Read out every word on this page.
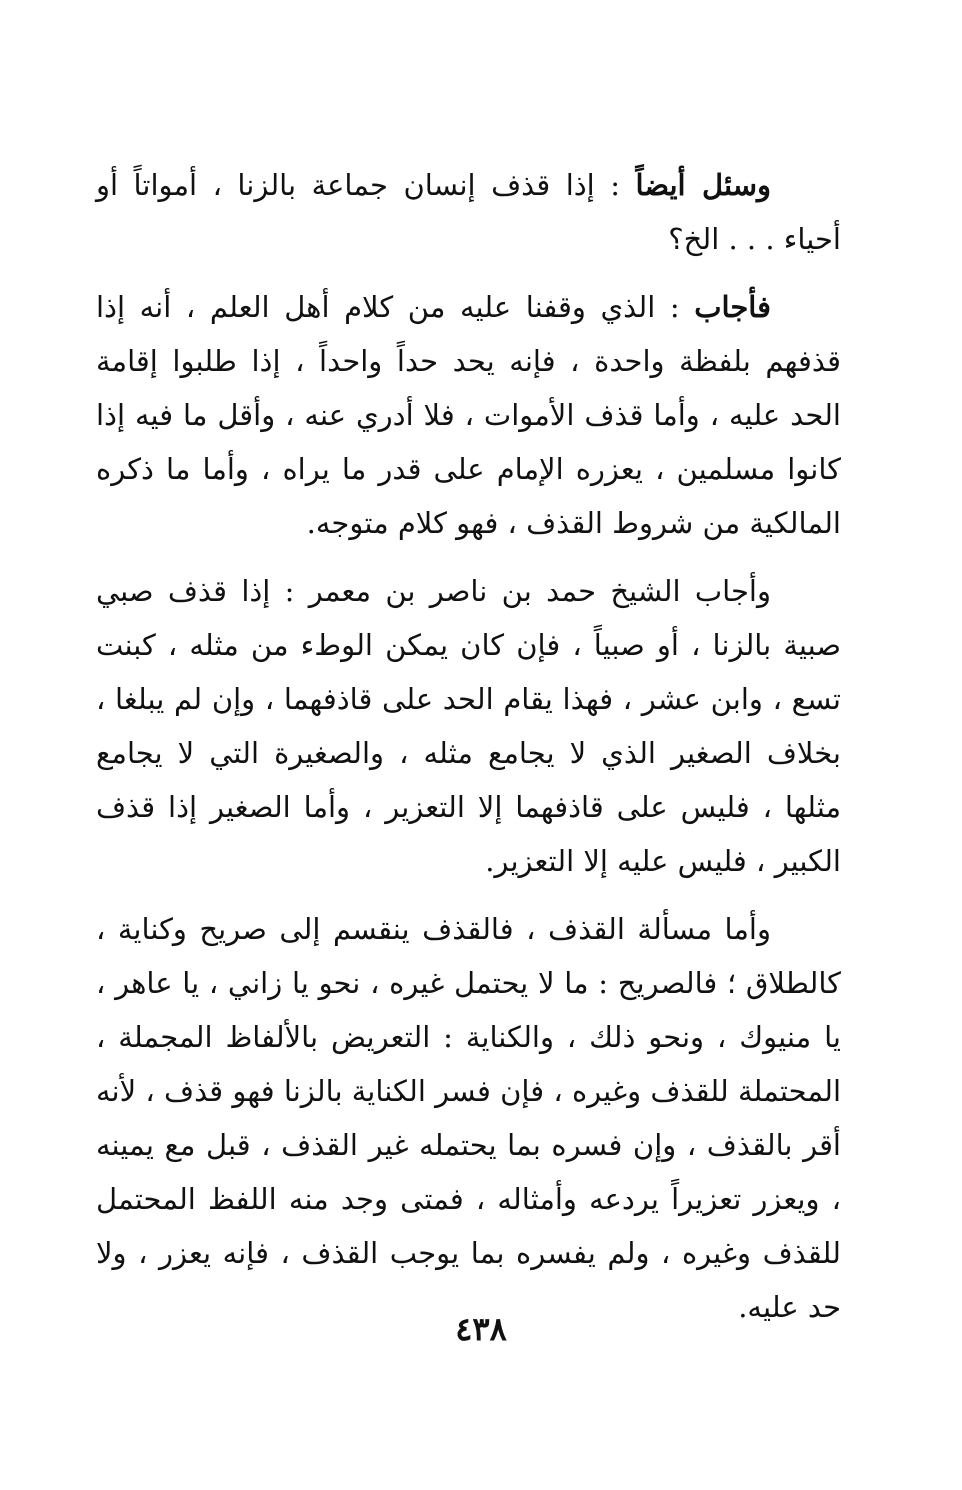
وسئل أيضاً : إذا قذف إنسان جماعة بالزنا ، أمواتاً أو أحياء . . . الخ؟

فأجاب : الذي وقفنا عليه من كلام أهل العلم ، أنه إذا قذفهم بلفظة واحدة ، فإنه يحد حداً واحداً ، إذا طلبوا إقامة الحد عليه ، وأما قذف الأموات ، فلا أدري عنه ، وأقل ما فيه إذا كانوا مسلمين ، يعزره الإمام على قدر ما يراه ، وأما ما ذكره المالكية من شروط القذف ، فهو كلام متوجه.

وأجاب الشيخ حمد بن ناصر بن معمر : إذا قذف صبي صبية بالزنا ، أو صبياً ، فإن كان يمكن الوطء من مثله ، كبنت تسع ، وابن عشر ، فهذا يقام الحد على قاذفهما ، وإن لم يبلغا ، بخلاف الصغير الذي لا يجامع مثله ، والصغيرة التي لا يجامع مثلها ، فليس على قاذفهما إلا التعزير ، وأما الصغير إذا قذف الكبير ، فليس عليه إلا التعزير.

وأما مسألة القذف ، فالقذف ينقسم إلى صريح وكناية ، كالطلاق ؛ فالصريح : ما لا يحتمل غيره ، نحو يا زاني ، يا عاهر ، يا منيوك ، ونحو ذلك ، والكناية : التعريض بالألفاظ المجملة ، المحتملة للقذف وغيره ، فإن فسر الكناية بالزنا فهو قذف ، لأنه أقر بالقذف ، وإن فسره بما يحتمله غير القذف ، قبل مع يمينه ، ويعزر تعزيراً يردعه وأمثاله ، فمتى وجد منه اللفظ المحتمل للقذف وغيره ، ولم يفسره بما يوجب القذف ، فإنه يعزر ، ولا حد عليه.

٤٣٨
